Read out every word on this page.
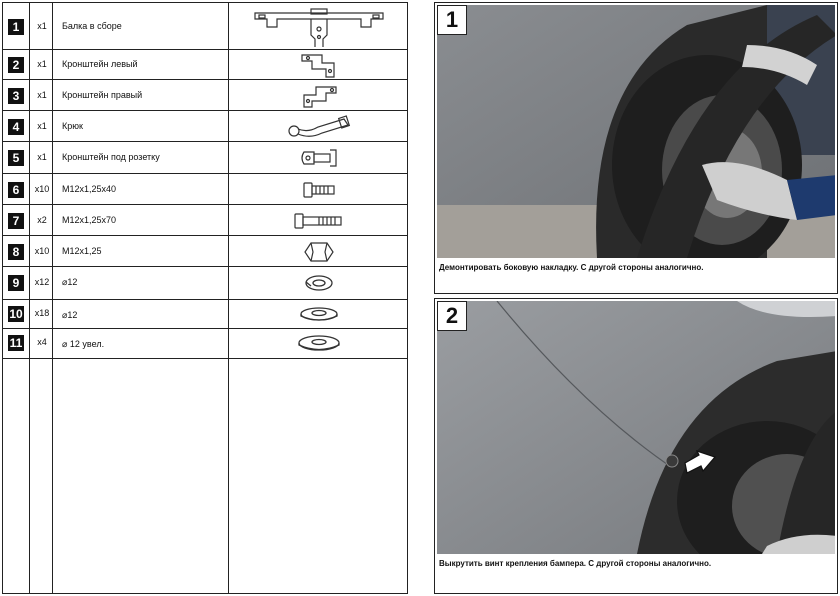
1	x1	Балка в сборе
2	x1	Кронштейн левый
3	x1	Кронштейн правый
4	x1	Крюк
5	x1	Кронштейн под розетку
6	x10	M12x1,25x40
7	x2	M12x1,25x70
8	x10	M12x1,25
9	x12	⌀12
10	x18	⌀12
11	x4	⌀ 12 увел.
1
Демонтировать боковую накладку. С другой стороны аналогично.
2
Выкрутить винт крепления бампера. С другой стороны аналогично.
